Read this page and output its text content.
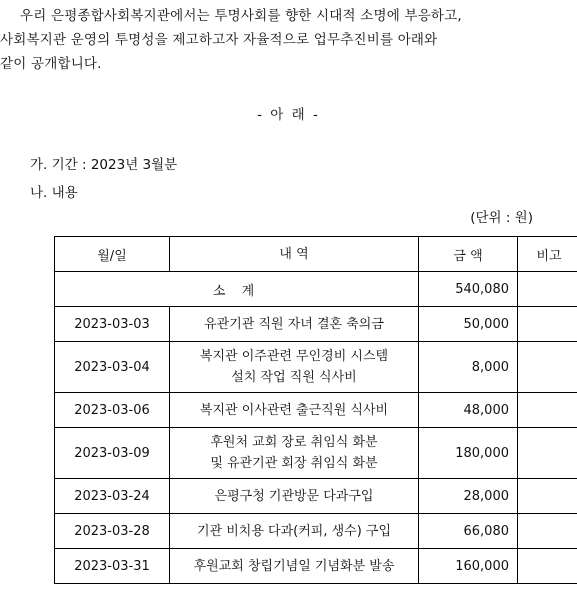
우리 은평종합사회복지관에서는 투명사회를 향한 시대적 소명에 부응하고,
사회복지관 운영의 투명성을 제고하고자 자율적으로 업무추진비를 아래와
같이 공개합니다.
- 아 래 -
가. 기간 : 2023년 3월분
나. 내용
(단위 : 원)
월/일	내 역	금 액	비고
소 계		540,080	
2023-03-03	유관기관 직원 자녀 결혼 축의금	50,000	
2023-03-04	복지관 이주관련 무인경비 시스템
설치 작업 직원 식사비	8,000	
2023-03-06	복지관 이사관련 출근직원 식사비	48,000	
2023-03-09	후원처 교회 장로 취임식 화분
및 유관기관 회장 취임식 화분	180,000	
2023-03-24	은평구청 기관방문 다과구입	28,000	
2023-03-28	기관 비치용 다과(커피, 생수) 구입	66,080	
2023-03-31	후원교회 창립기념일 기념화분 발송	160,000	
